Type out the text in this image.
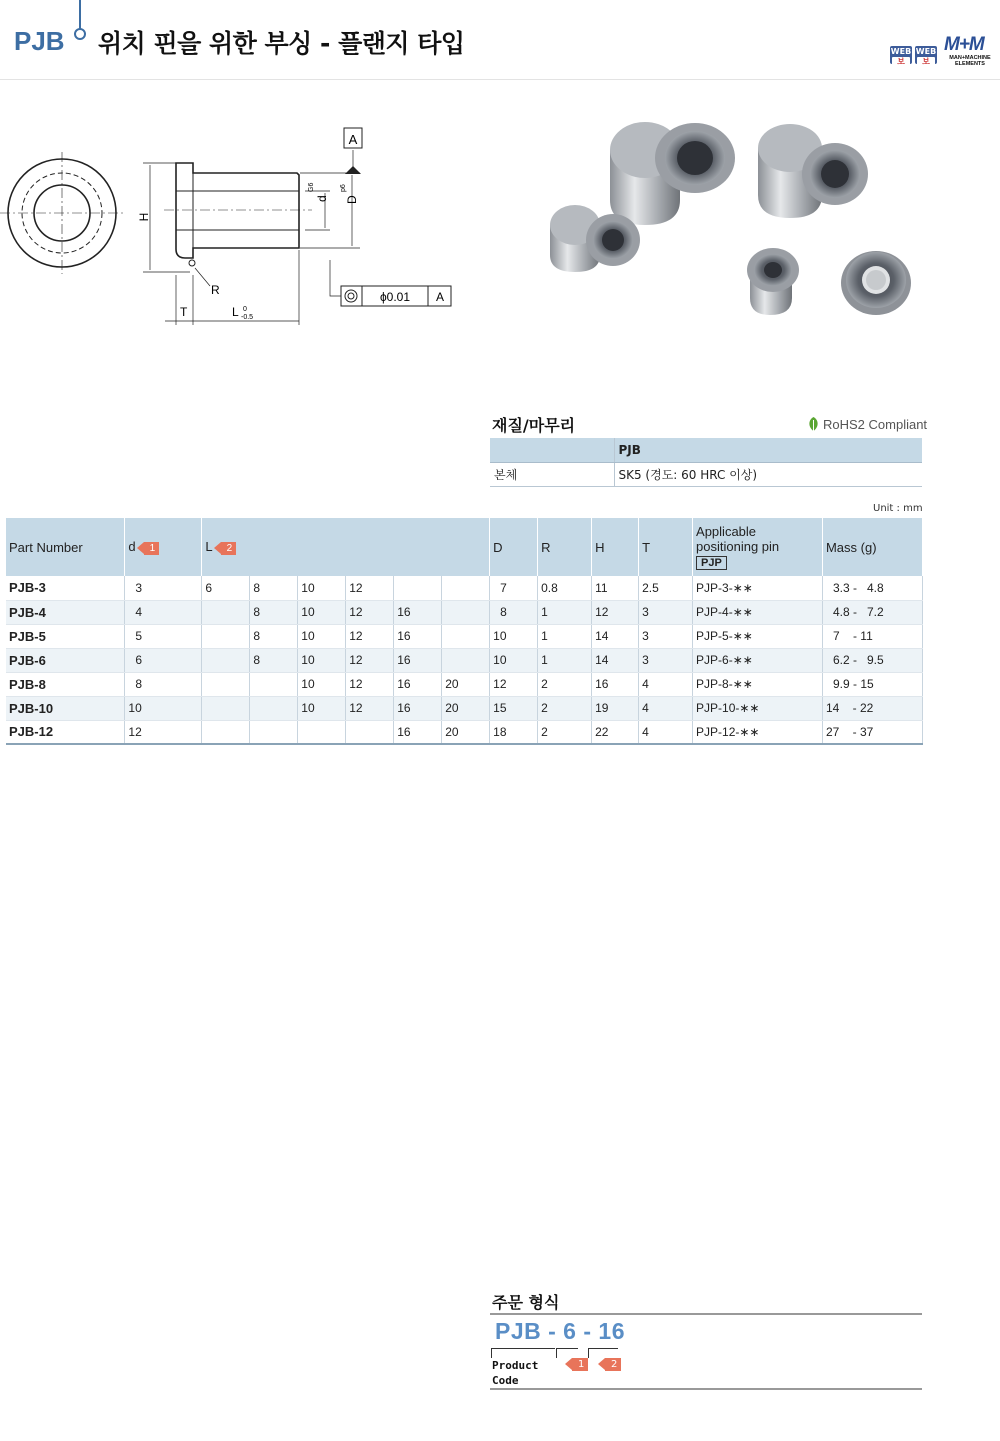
PJB 위치 핀을 위한 부싱 - 플랜지 타입	WEB
보
WEB
보
M+M
MAN+MACHINE
ELEMENTS
A
H
d
G6
D
p6
R
T	L 0
-0.5
ϕ0.01 A
재질/마무리	RoHS2 Compliant
	PJB
본체	SK5 (경도: 60 HRC 이상)
Unit : mm
Part Number	d 1	L 2						D	R	H	T	Applicable
positioning pin
PJP	Mass (g)
PJB-3	3	6	8	10	12			7	0.8	11	2.5	PJP-3-∗∗	3.3 -   4.8
PJB-4	4		8	10	12	16		8	1	12	3	PJP-4-∗∗	4.8 -   7.2
PJB-5	5		8	10	12	16		10	1	14	3	PJP-5-∗∗	7    - 11
PJB-6	6		8	10	12	16		10	1	14	3	PJP-6-∗∗	6.2 -   9.5
PJB-8	8			10	12	16	20	12	2	16	4	PJP-8-∗∗	9.9 - 15
PJB-10	10			10	12	16	20	15	2	19	4	PJP-10-∗∗	14    - 22
PJB-12	12					16	20	18	2	22	4	PJP-12-∗∗	27    - 37
주문 형식
PJB - 6 - 16
Product
Code
1	2
